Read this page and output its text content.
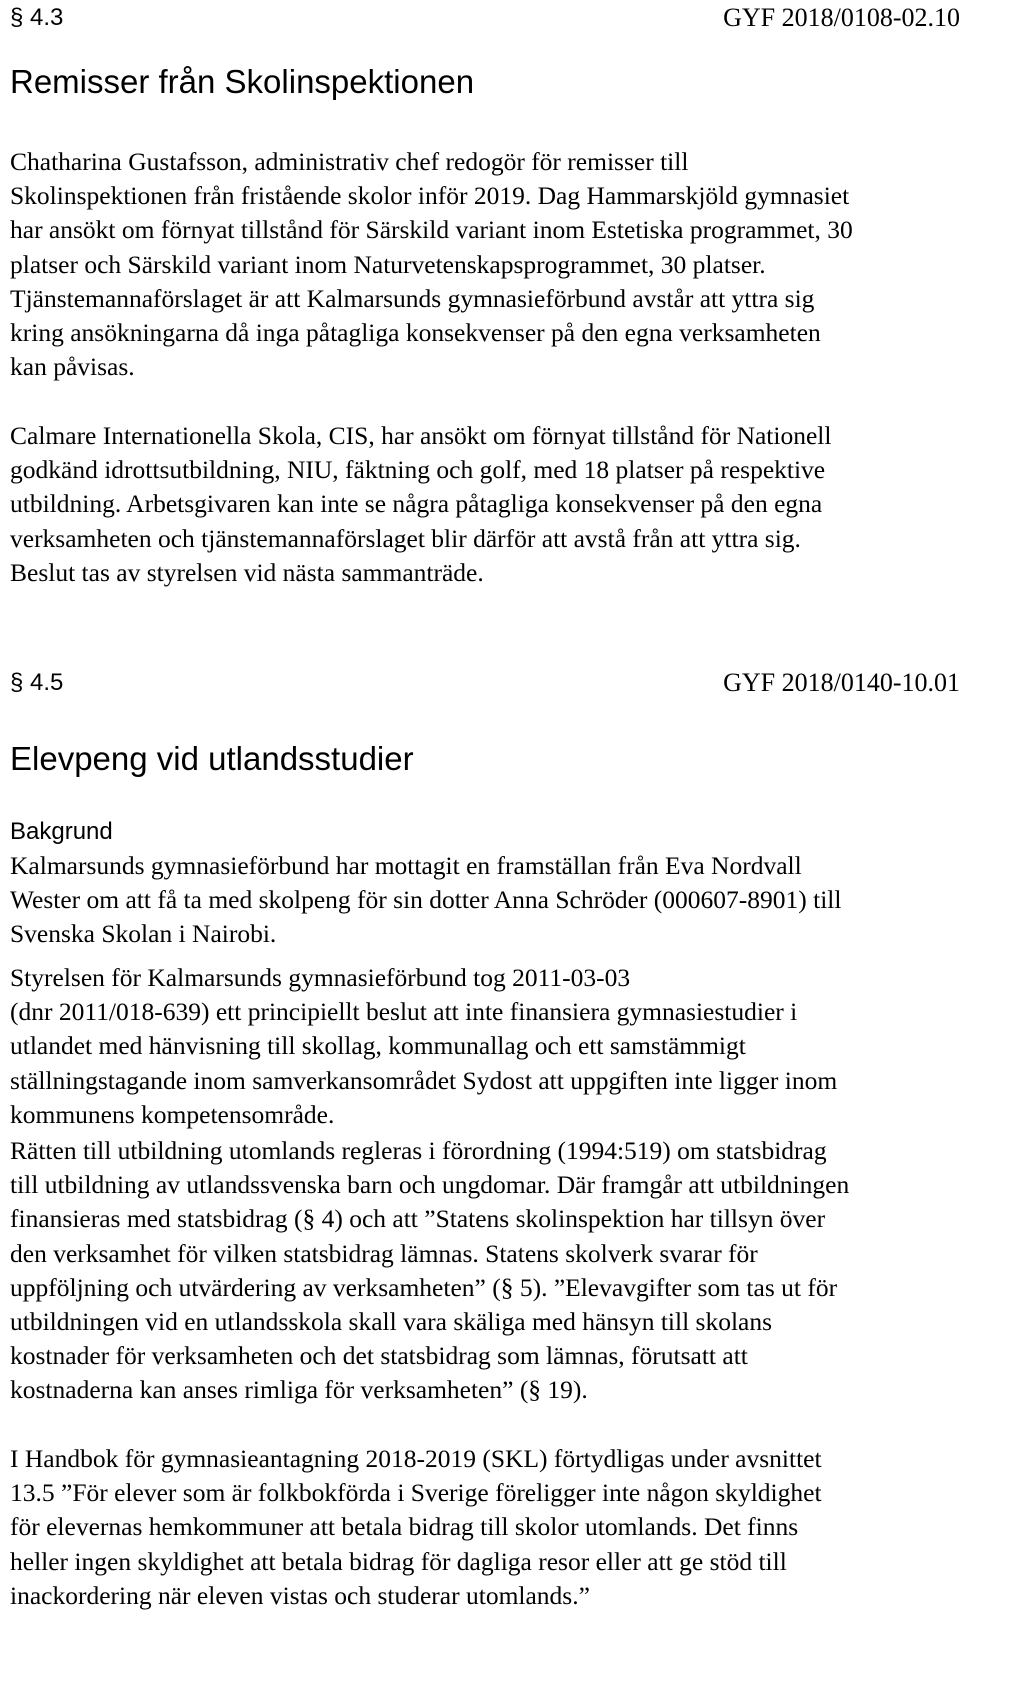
§ 4.3	GYF 2018/0108-02.10
Remisser från Skolinspektionen

Chatharina Gustafsson, administrativ chef redogör för remisser till
Skolinspektionen från fristående skolor inför 2019. Dag Hammarskjöld gymnasiet
har ansökt om förnyat tillstånd för Särskild variant inom Estetiska programmet, 30
platser och Särskild variant inom Naturvetenskapsprogrammet, 30 platser.
Tjänstemannaförslaget är att Kalmarsunds gymnasieförbund avstår att yttra sig
kring ansökningarna då inga påtagliga konsekvenser på den egna verksamheten
kan påvisas.

Calmare Internationella Skola, CIS, har ansökt om förnyat tillstånd för Nationell
godkänd idrottsutbildning, NIU, fäktning och golf, med 18 platser på respektive
utbildning. Arbetsgivaren kan inte se några påtagliga konsekvenser på den egna
verksamheten och tjänstemannaförslaget blir därför att avstå från att yttra sig.
Beslut tas av styrelsen vid nästa sammanträde.

§ 4.5	GYF 2018/0140-10.01
Elevpeng vid utlandsstudier
Bakgrund

Kalmarsunds gymnasieförbund har mottagit en framställan från Eva Nordvall
Wester om att få ta med skolpeng för sin dotter Anna Schröder (000607-8901) till
Svenska Skolan i Nairobi.

Styrelsen för Kalmarsunds gymnasieförbund tog 2011-03-03
(dnr 2011/018-639) ett principiellt beslut att inte finansiera gymnasiestudier i
utlandet med hänvisning till skollag, kommunallag och ett samstämmigt
ställningstagande inom samverkansområdet Sydost att uppgiften inte ligger inom
kommunens kompetensområde.

Rätten till utbildning utomlands regleras i förordning (1994:519) om statsbidrag
till utbildning av utlandssvenska barn och ungdomar. Där framgår att utbildningen
finansieras med statsbidrag (§ 4) och att ”Statens skolinspektion har tillsyn över
den verksamhet för vilken statsbidrag lämnas. Statens skolverk svarar för
uppföljning och utvärdering av verksamheten” (§ 5). ”Elevavgifter som tas ut för
utbildningen vid en utlandsskola skall vara skäliga med hänsyn till skolans
kostnader för verksamheten och det statsbidrag som lämnas, förutsatt att
kostnaderna kan anses rimliga för verksamheten” (§ 19).

I Handbok för gymnasieantagning 2018-2019 (SKL) förtydligas under avsnittet
13.5 ”För elever som är folkbokförda i Sverige föreligger inte någon skyldighet
för elevernas hemkommuner att betala bidrag till skolor utomlands. Det finns
heller ingen skyldighet att betala bidrag för dagliga resor eller att ge stöd till
inackordering när eleven vistas och studerar utomlands.”
